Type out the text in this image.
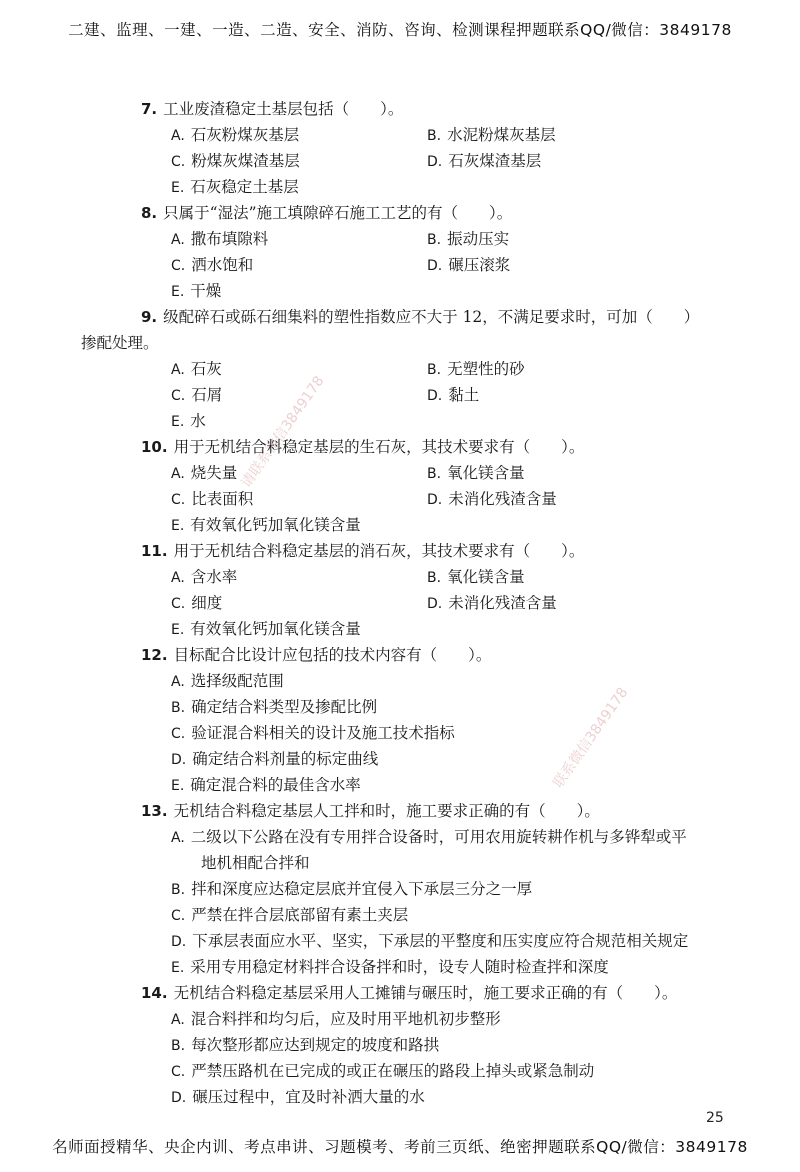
二建、监理、一建、一造、二造、安全、消防、咨询、检测课程押题联系QQ/微信：3849178
请联系微信3849178
联系微信3849178
7. 工业废渣稳定土基层包括（　　）。
A. 石灰粉煤灰基层	B. 水泥粉煤灰基层
C. 粉煤灰煤渣基层	D. 石灰煤渣基层
E. 石灰稳定土基层
8. 只属于“湿法”施工填隙碎石施工工艺的有（　　）。
A. 撒布填隙料	B. 振动压实
C. 洒水饱和	D. 碾压滚浆
E. 干燥
9. 级配碎石或砾石细集料的塑性指数应不大于 12，不满足要求时，可加（　　）
掺配处理。
A. 石灰	B. 无塑性的砂
C. 石屑	D. 黏土
E. 水
10. 用于无机结合料稳定基层的生石灰，其技术要求有（　　）。
A. 烧失量	B. 氧化镁含量
C. 比表面积	D. 未消化残渣含量
E. 有效氧化钙加氧化镁含量
11. 用于无机结合料稳定基层的消石灰，其技术要求有（　　）。
A. 含水率	B. 氧化镁含量
C. 细度	D. 未消化残渣含量
E. 有效氧化钙加氧化镁含量
12. 目标配合比设计应包括的技术内容有（　　）。
A. 选择级配范围
B. 确定结合料类型及掺配比例
C. 验证混合料相关的设计及施工技术指标
D. 确定结合料剂量的标定曲线
E. 确定混合料的最佳含水率
13. 无机结合料稳定基层人工拌和时，施工要求正确的有（　　）。
A. 二级以下公路在没有专用拌合设备时，可用农用旋转耕作机与多铧犁或平
地机相配合拌和
B. 拌和深度应达稳定层底并宜侵入下承层三分之一厚
C. 严禁在拌合层底部留有素土夹层
D. 下承层表面应水平、坚实，下承层的平整度和压实度应符合规范相关规定
E. 采用专用稳定材料拌合设备拌和时，设专人随时检查拌和深度
14. 无机结合料稳定基层采用人工摊铺与碾压时，施工要求正确的有（　　）。
A. 混合料拌和均匀后，应及时用平地机初步整形
B. 每次整形都应达到规定的坡度和路拱
C. 严禁压路机在已完成的或正在碾压的路段上掉头或紧急制动
D. 碾压过程中，宜及时补洒大量的水
25
名师面授精华、央企内训、考点串讲、习题模考、考前三页纸、绝密押题联系QQ/微信：3849178
